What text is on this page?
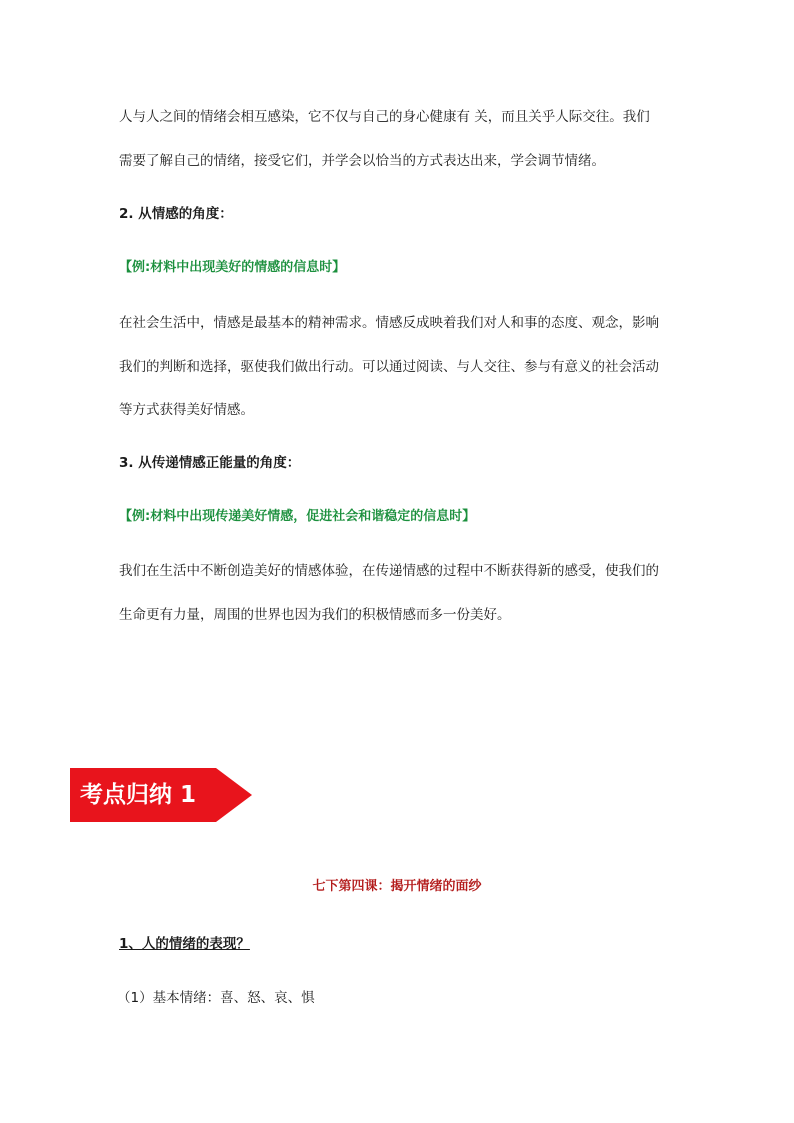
人与人之间的情绪会相互感染，它不仅与自己的身心健康有 关，而且关乎人际交往。我们
需要了解自己的情绪，接受它们，并学会以恰当的方式表达出来，学会调节情绪。
2. 从情感的角度：
【例:材料中出现美好的情感的信息时】
在社会生活中，情感是最基本的精神需求。情感反成映着我们对人和事的态度、观念，影响
我们的判断和选择，驱使我们做出行动。可以通过阅读、与人交往、参与有意义的社会活动
等方式获得美好情感。
3. 从传递情感正能量的角度：
【例:材料中出现传递美好情感，促进社会和谐稳定的信息时】
我们在生活中不断创造美好的情感体验，在传递情感的过程中不断获得新的感受，使我们的
生命更有力量，周围的世界也因为我们的积极情感而多一份美好。
考点归纳 1
七下第四课：揭开情绪的面纱
1、人的情绪的表现？
（1）基本情绪：喜、怒、哀、惧
